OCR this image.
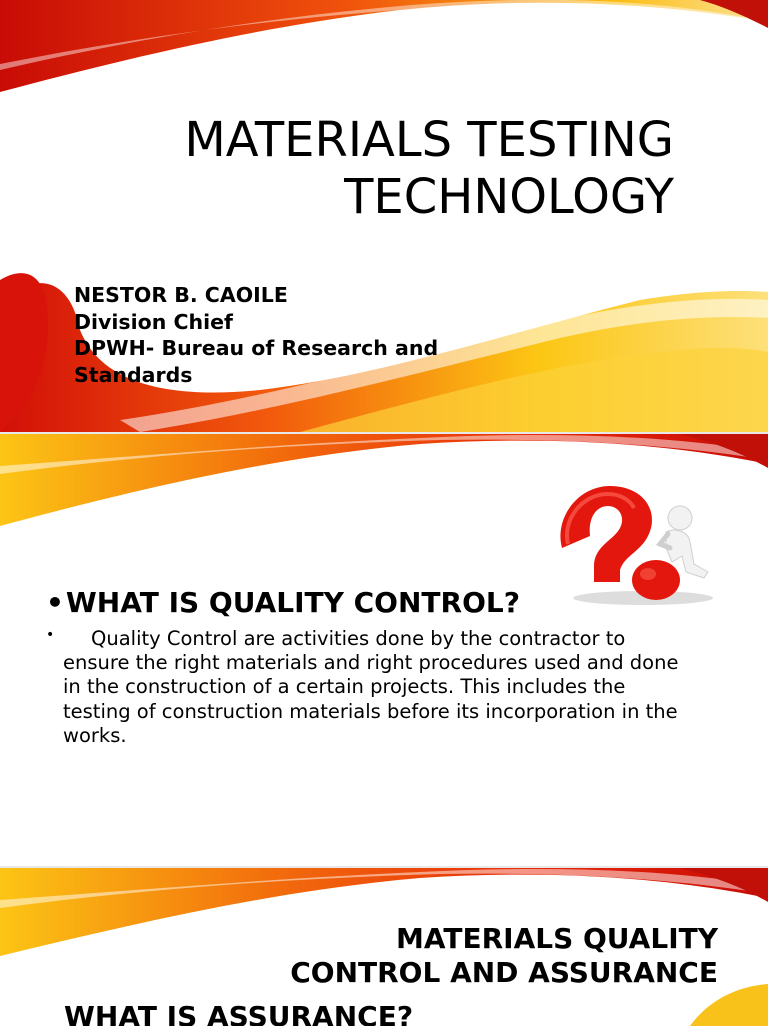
MATERIALS TESTING
TECHNOLOGY
NESTOR B. CAOILE
Division Chief
DPWH- Bureau of Research and
Standards
•WHAT IS QUALITY CONTROL?
•	Quality Control are activities done by the contractor to ensure the right materials and right procedures used and done in the construction of a certain projects. This includes the testing of construction materials before its incorporation in the works.
MATERIALS QUALITY
CONTROL AND ASSURANCE
WHAT IS ASSURANCE?
